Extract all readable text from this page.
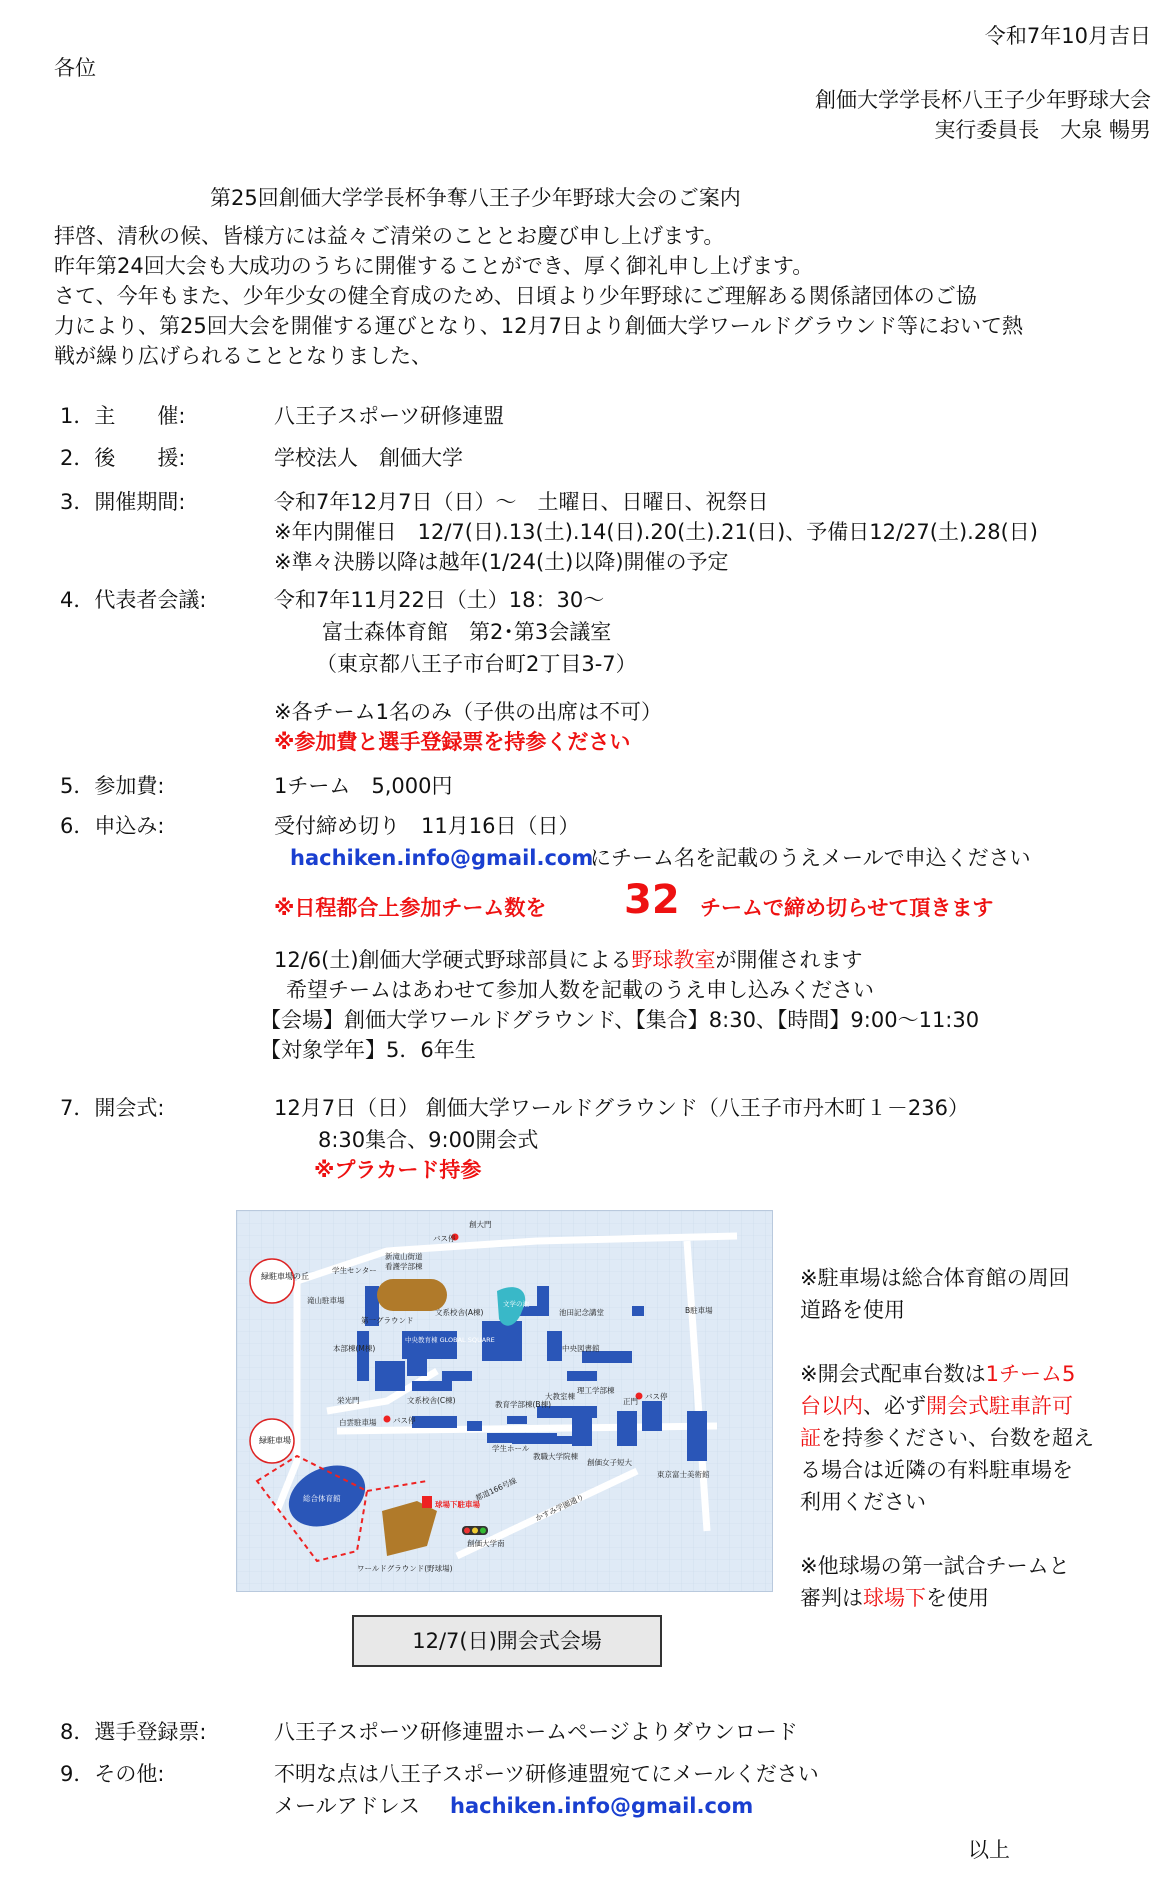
令和7年10月吉日
各位
創価大学学長杯八王子少年野球大会
実行委員長　大泉 暢男
第25回創価大学学長杯争奪八王子少年野球大会のご案内
拝啓、清秋の候、皆様方には益々ご清栄のこととお慶び申し上げます。
昨年第24回大会も大成功のうちに開催することができ、厚く御礼申し上げます。
さて、今年もまた、少年少女の健全育成のため、日頃より少年野球にご理解ある関係諸団体のご協
力により、第25回大会を開催する運びとなり、12月7日より創価大学ワールドグラウンド等において熱
戦が繰り広げられることとなりました、
1．主　　催:	八王子スポーツ研修連盟
2．後　　援:	学校法人　創価大学
3．開催期間:	令和7年12月7日（日）～　土曜日、日曜日、祝祭日
※年内開催日　12/7(日).13(土).14(日).20(土).21(日)、予備日12/27(土).28(日)
※準々決勝以降は越年(1/24(土)以降)開催の予定
4．代表者会議:	令和7年11月22日（土）18：30～
富士森体育館　第2･第3会議室
（東京都八王子市台町2丁目3-7）
※各チーム1名のみ（子供の出席は不可）
※参加費と選手登録票を持参ください
5．参加費:	1チーム　5,000円
6．申込み:	受付締め切り　11月16日（日）
hachiken.info@gmail.com
にチーム名を記載のうえメールで申込ください
※日程都合上参加チーム数を 32 チームで締め切らせて頂きます
12/6(土)創価大学硬式野球部員による野球教室が開催されます
希望チームはあわせて参加人数を記載のうえ申し込みください
【会場】創価大学ワールドグラウンド、【集合】8:30、【時間】9:00～11:30
【対象学年】5．6年生
7．開会式:	12月7日（日） 創価大学ワールドグラウンド（八王子市丹木町１－236）
8:30集合、9:00開会式
※プラカード持参
緑駐車場の丘
緑駐車場
中央教育棟 GLOBAL SQUARE
文学の池
創大門
バス停
学生センター 看護学部棟
新滝山街道
滝山駐車場
第一グラウンド
本部棟(M棟)
文系校舎(A棟)	池田記念講堂
中央図書館
B駐車場
バス停
文系校舎(C棟)
栄光門
白雲駐車場 バス停
教育学部棟(B棟)
大教室棟
理工学部棟
正門
学生ホール
教職大学院棟
創価女子短大
東京富士美術館
総合体育館
ワールドグラウンド(野球場)
球場下駐車場
都道166号線
かすみ学園通り
創価大学南
※駐車場は総合体育館の周回
道路を使用
※開会式配車台数は1チーム5
台以内、必ず開会式駐車許可
証を持参ください、台数を超え
る場合は近隣の有料駐車場を
利用ください
※他球場の第一試合チームと
審判は球場下を使用
12/7(日)開会式会場
8．選手登録票:	八王子スポーツ研修連盟ホームページよりダウンロード
9．その他:	不明な点は八王子スポーツ研修連盟宛てにメールください
メールアドレス hachiken.info@gmail.com
以上
